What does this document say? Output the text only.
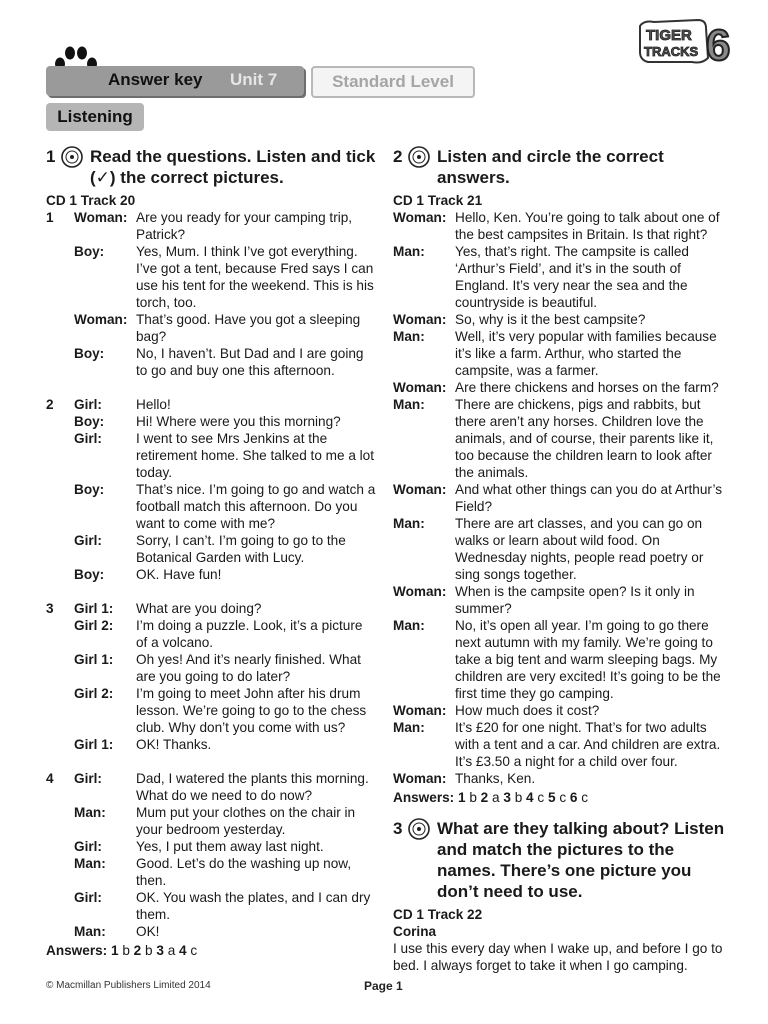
Answer key Unit 7	Standard Level
TIGER
TRACKS 6
Listening
1 Read the questions. Listen and tick (✓) the correct pictures.
CD 1 Track 20
1	Woman: Are you ready for your camping trip, Patrick?
Boy:	Yes, Mum. I think I’ve got everything. I’ve got a tent, because Fred says I can use his tent for the weekend. This is his torch, too.
Woman: That’s good. Have you got a sleeping bag?
Boy:	No, I haven’t. But Dad and I are going to go and buy one this afternoon.
2	Girl:	Hello!
Boy:	Hi! Where were you this morning?
Girl:	I went to see Mrs Jenkins at the retirement home. She talked to me a lot today.
Boy:	That’s nice. I’m going to go and watch a football match this afternoon. Do you want to come with me?
Girl:	Sorry, I can’t. I’m going to go to the Botanical Garden with Lucy.
Boy:	OK. Have fun!
3	Girl 1:	What are you doing?
Girl 2:	I’m doing a puzzle. Look, it’s a picture of a volcano.
Girl 1:	Oh yes! And it’s nearly finished. What are you going to do later?
Girl 2:	I’m going to meet John after his drum lesson. We’re going to go to the chess club. Why don’t you come with us?
Girl 1:	OK! Thanks.
4	Girl:	Dad, I watered the plants this morning. What do we need to do now?
Man:	Mum put your clothes on the chair in your bedroom yesterday.
Girl:	Yes, I put them away last night.
Man:	Good. Let’s do the washing up now, then.
Girl:	OK. You wash the plates, and I can dry them.
Man:	OK!
Answers: 1 b 2 b 3 a 4 c
2 Listen and circle the correct answers.
CD 1 Track 21
Woman: Hello, Ken. You’re going to talk about one of the best campsites in Britain. Is that right?
Man:	Yes, that’s right. The campsite is called ‘Arthur’s Field’, and it’s in the south of England. It’s very near the sea and the countryside is beautiful.
Woman: So, why is it the best campsite?
Man:	Well, it’s very popular with families because it’s like a farm. Arthur, who started the campsite, was a farmer.
Woman: Are there chickens and horses on the farm?
Man:	There are chickens, pigs and rabbits, but there aren’t any horses. Children love the animals, and of course, their parents like it, too because the children learn to look after the animals.
Woman: And what other things can you do at Arthur’s Field?
Man:	There are art classes, and you can go on walks or learn about wild food. On Wednesday nights, people read poetry or sing songs together.
Woman: When is the campsite open? Is it only in summer?
Man:	No, it’s open all year. I’m going to go there next autumn with my family. We’re going to take a big tent and warm sleeping bags. My children are very excited! It’s going to be the first time they go camping.
Woman: How much does it cost?
Man:	It’s £20 for one night. That’s for two adults with a tent and a car. And children are extra. It’s £3.50 a night for a child over four.
Woman: Thanks, Ken.
Answers: 1 b 2 a 3 b 4 c 5 c 6 c
3 What are they talking about? Listen and match the pictures to the names. There’s one picture you don’t need to use.
CD 1 Track 22
Corina
I use this every day when I wake up, and before I go to bed. I always forget to take it when I go camping.
© Macmillan Publishers Limited 2014	Page 1
